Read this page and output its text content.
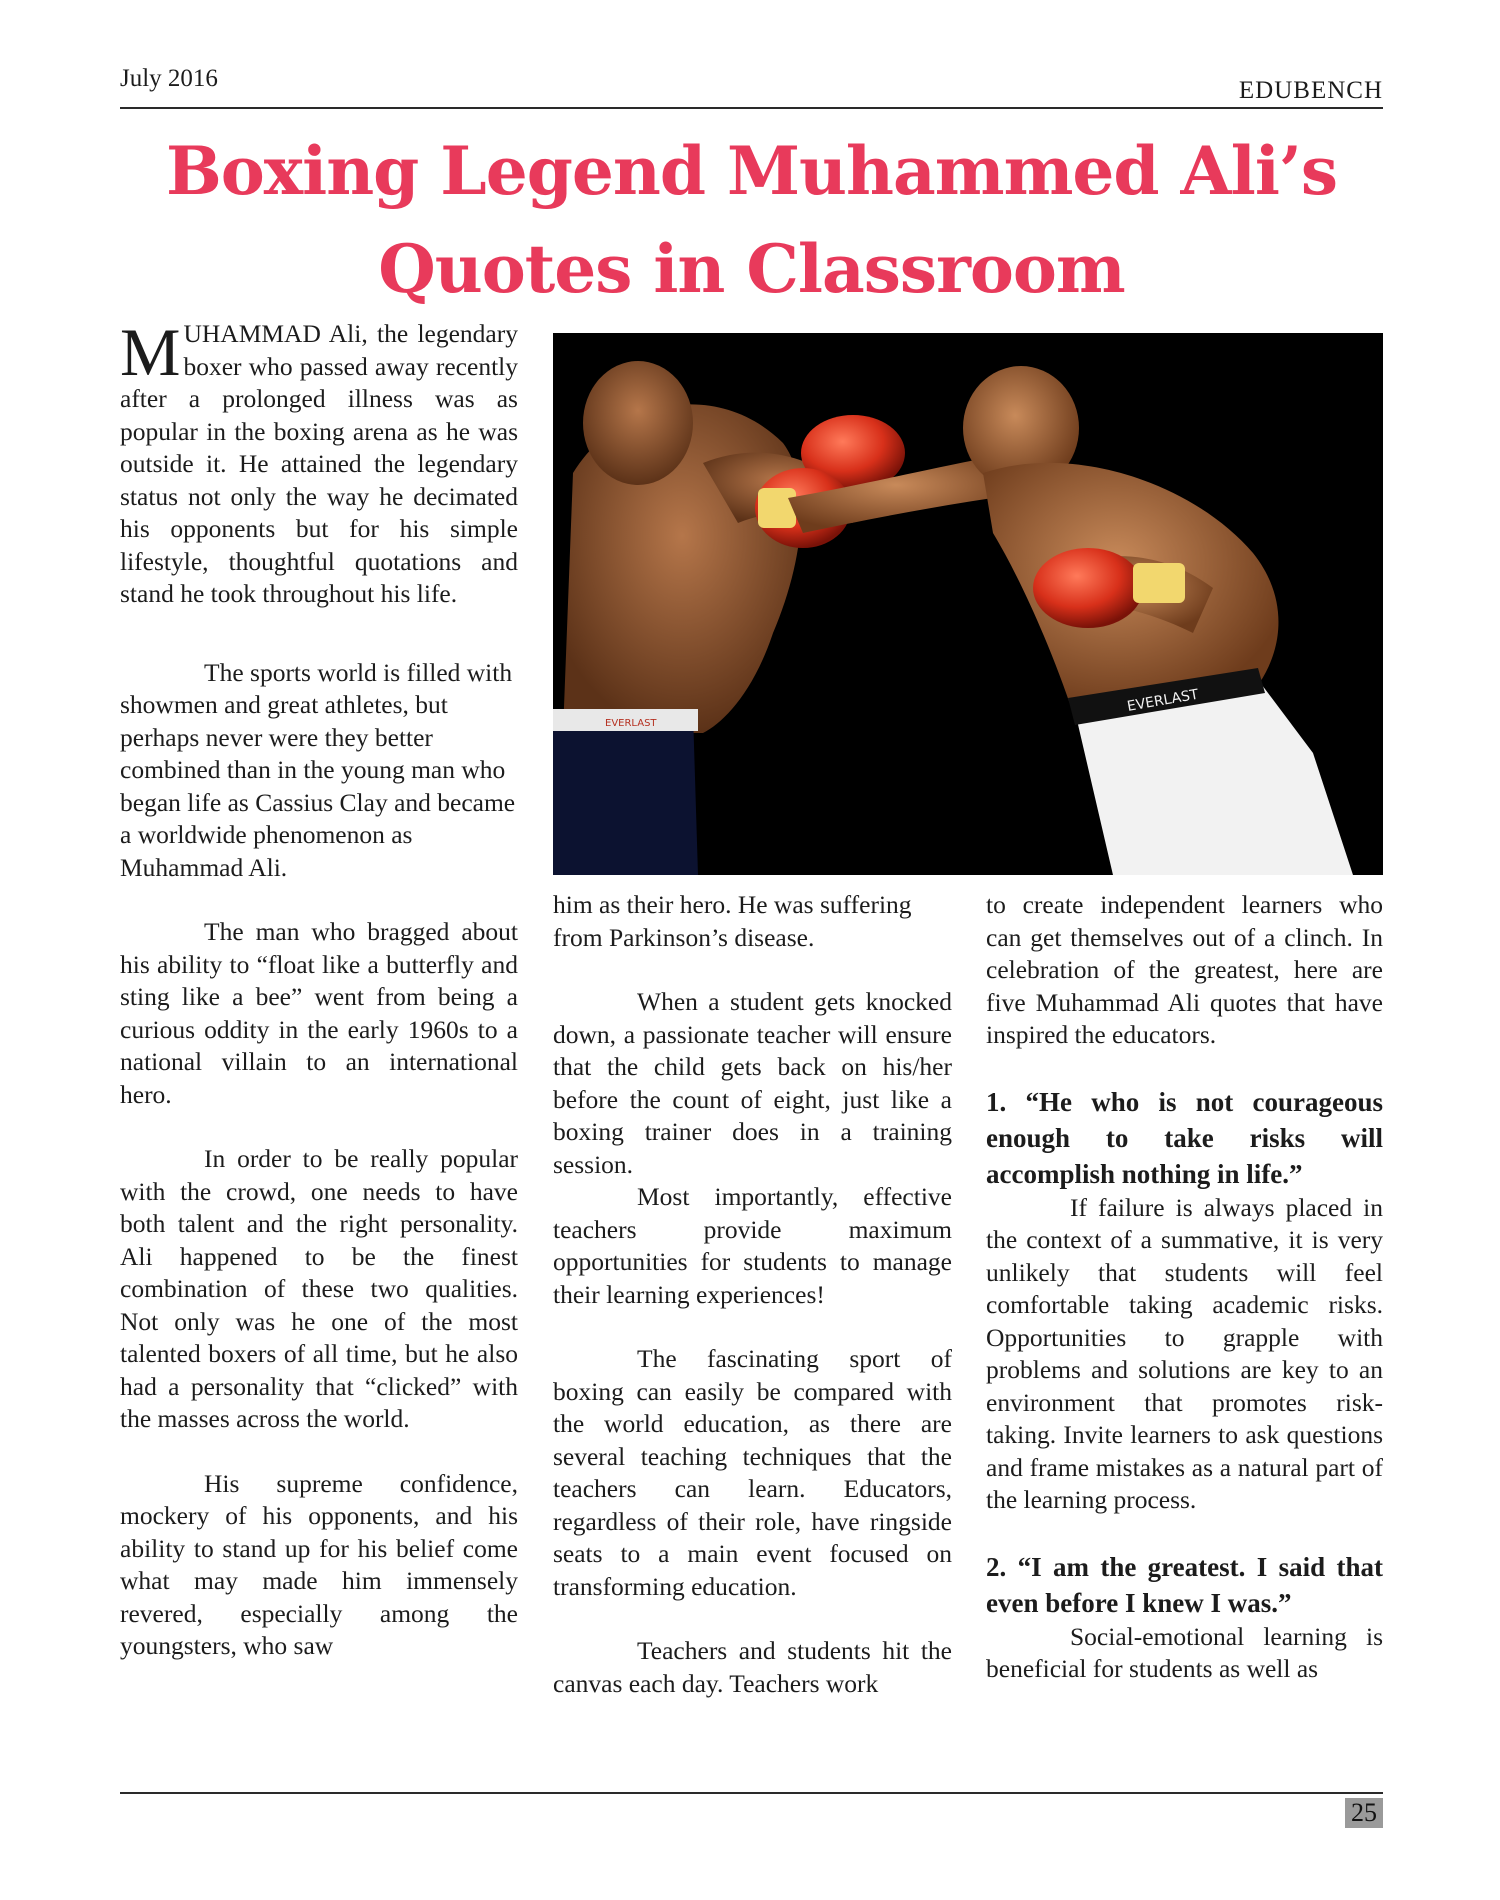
July 2016	EDUBENCH
Boxing Legend Muhammed Ali’s
Quotes in Classroom

MUHAMMAD Ali, the legendary boxer who passed away recently after a prolonged illness was as popular in the boxing arena as he was outside it. He attained the legendary status not only the way he decimated his opponents but for his simple lifestyle, thoughtful quotations and stand he took throughout his life.

The sports world is filled with showmen and great athletes, but perhaps never were they better combined than in the young man who began life as Cassius Clay and became a worldwide phenomenon as Muhammad Ali.

The man who bragged about his ability to “float like a butterfly and sting like a bee” went from being a curious oddity in the early 1960s to a national villain to an international hero.

In order to be really popular with the crowd, one needs to have both talent and the right personality. Ali happened to be the finest combination of these two qualities. Not only was he one of the most talented boxers of all time, but he also had a personality that “clicked” with the masses across the world.

His supreme confidence, mockery of his opponents, and his ability to stand up for his belief come what may made him immensely revered, especially among the youngsters, who saw

EVERLAST
EVERLAST

him as their hero. He was suffering from Parkinson’s disease.

When a student gets knocked down, a passionate teacher will ensure that the child gets back on his/her before the count of eight, just like a boxing trainer does in a training session.

Most importantly, effective teachers provide maximum opportunities for students to manage their learning experiences!

The fascinating sport of boxing can easily be compared with the world education, as there are several teaching techniques that the teachers can learn. Educators, regardless of their role, have ringside seats to a main event focused on transforming education.

Teachers and students hit the canvas each day. Teachers work

to create independent learners who can get themselves out of a clinch. In celebration of the greatest, here are five Muhammad Ali quotes that have inspired the educators.

1. “He who is not courageous enough to take risks will accomplish nothing in life.”

If failure is always placed in the context of a summative, it is very unlikely that students will feel comfortable taking academic risks. Opportunities to grapple with problems and solutions are key to an environment that promotes risk-taking. Invite learners to ask questions and frame mistakes as a natural part of the learning process.

2. “I am the greatest. I said that even before I knew I was.”

Social-emotional learning is beneficial for students as well as

25
